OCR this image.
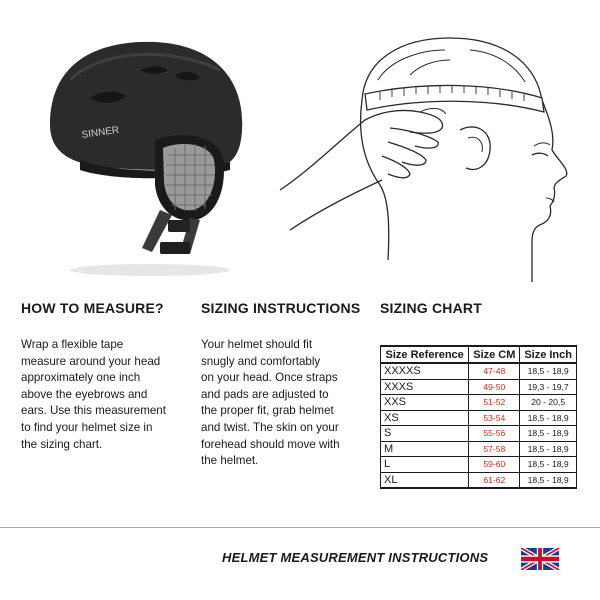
SINNER
HOW TO MEASURE?
Wrap a flexible tape
measure around your head
approximately one inch
above the eyebrows and
ears. Use this measurement
to find your helmet size in
the sizing chart.
SIZING INSTRUCTIONS
Your helmet should fit
snugly and comfortably
on your head. Once straps
and pads are adjusted to
the proper fit, grab helmet
and twist. The skin on your
forehead should move with
the helmet.
SIZING CHART
Size Reference	Size CM	Size Inch
XXXXS	47-48	18,5 - 18,9
XXXS	49-50	19,3 - 19,7
XXS	51-52	20 - 20,5
XS	53-54	18,5 - 18,9
S	55-56	18,5 - 18,9
M	57-58	18,5 - 18,9
L	59-60	18,5 - 18,9
XL	61-62	18,5 - 18,9
HELMET MEASUREMENT INSTRUCTIONS
